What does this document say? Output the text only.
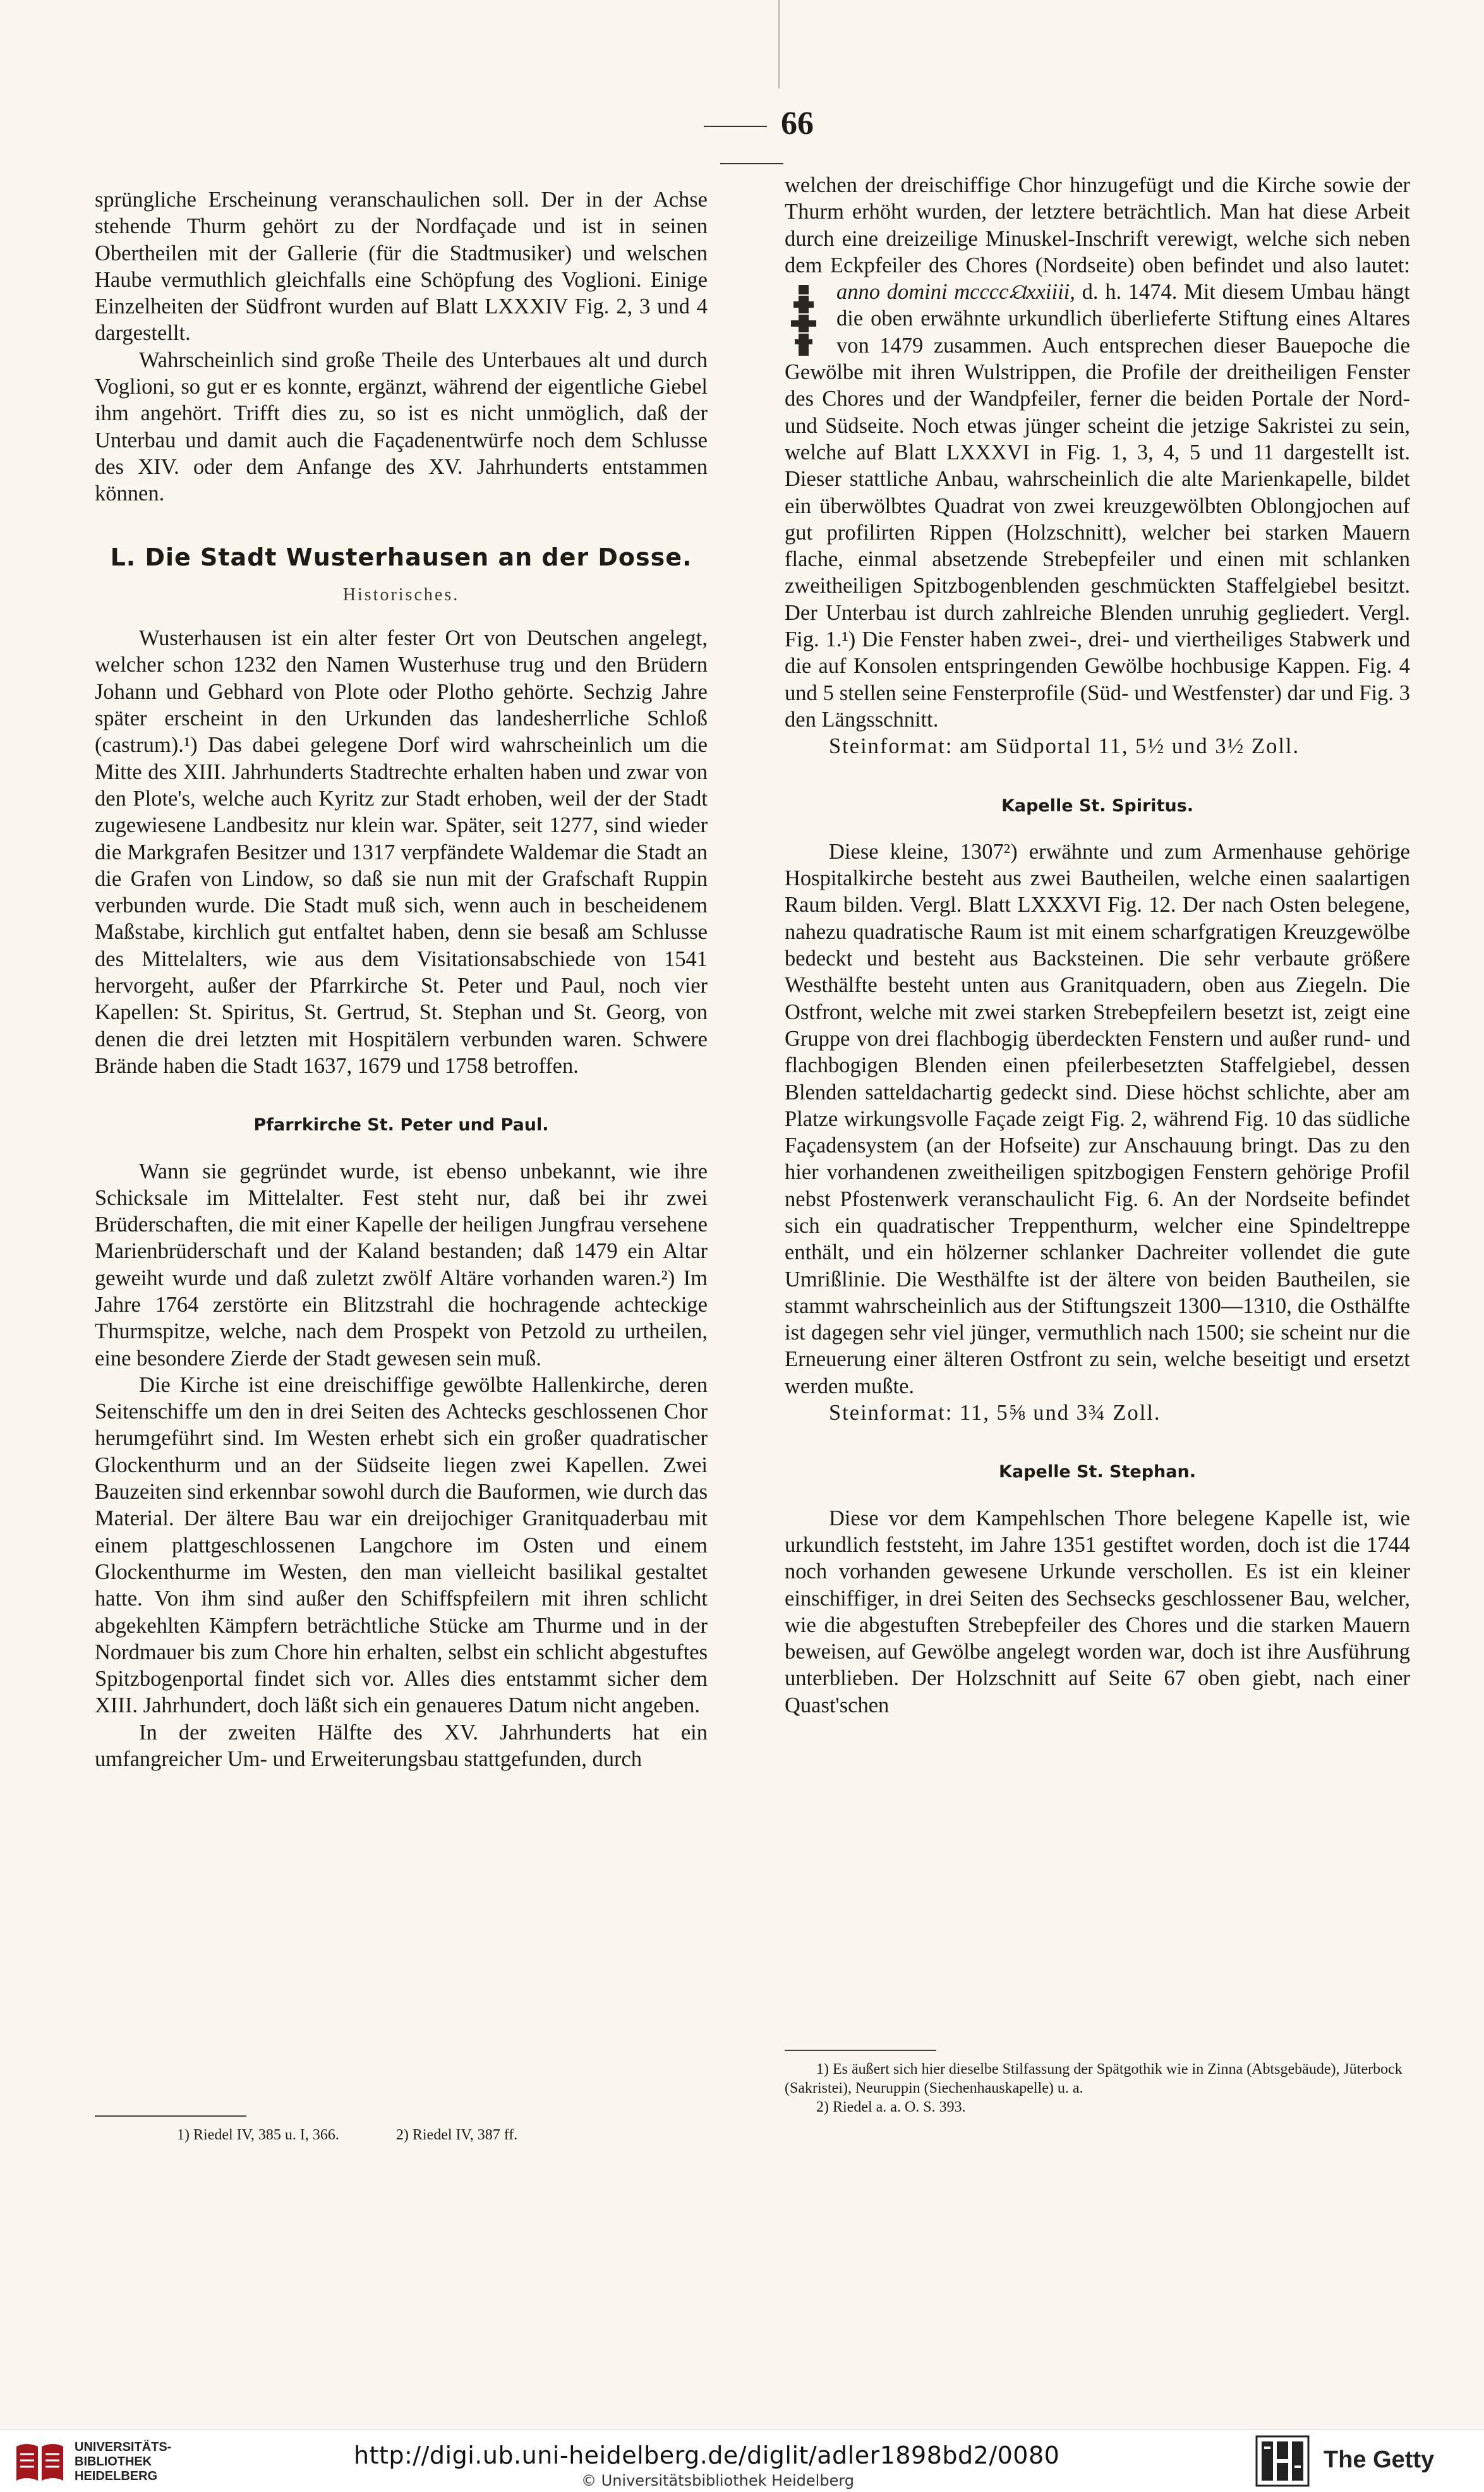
66

sprüngliche Erscheinung veranschaulichen soll. Der in der Achse stehende Thurm gehört zu der Nordfaçade und ist in seinen Obertheilen mit der Gallerie (für die Stadtmusiker) und welschen Haube vermuthlich gleichfalls eine Schöpfung des Voglioni. Einige Einzelheiten der Südfront wurden auf Blatt LXXXIV Fig. 2, 3 und 4 dargestellt.

Wahrscheinlich sind große Theile des Unterbaues alt und durch Voglioni, so gut er es konnte, ergänzt, während der eigentliche Giebel ihm angehört. Trifft dies zu, so ist es nicht unmöglich, daß der Unterbau und damit auch die Façadenentwürfe noch dem Schlusse des XIV. oder dem Anfange des XV. Jahrhunderts entstammen können.

L. Die Stadt Wusterhausen an der Dosse.
Historisches.

Wusterhausen ist ein alter fester Ort von Deutschen angelegt, welcher schon 1232 den Namen Wusterhuse trug und den Brüdern Johann und Gebhard von Plote oder Plotho gehörte. Sechzig Jahre später erscheint in den Urkunden das landesherrliche Schloß (castrum).¹) Das dabei gelegene Dorf wird wahrscheinlich um die Mitte des XIII. Jahrhunderts Stadtrechte erhalten haben und zwar von den Plote's, welche auch Kyritz zur Stadt erhoben, weil der der Stadt zugewiesene Landbesitz nur klein war. Später, seit 1277, sind wieder die Markgrafen Besitzer und 1317 verpfändete Waldemar die Stadt an die Grafen von Lindow, so daß sie nun mit der Grafschaft Ruppin verbunden wurde. Die Stadt muß sich, wenn auch in bescheidenem Maßstabe, kirchlich gut entfaltet haben, denn sie besaß am Schlusse des Mittelalters, wie aus dem Visitationsabschiede von 1541 hervorgeht, außer der Pfarrkirche St. Peter und Paul, noch vier Kapellen: St. Spiritus, St. Gertrud, St. Stephan und St. Georg, von denen die drei letzten mit Hospitälern verbunden waren. Schwere Brände haben die Stadt 1637, 1679 und 1758 betroffen.

Pfarrkirche St. Peter und Paul.

Wann sie gegründet wurde, ist ebenso unbekannt, wie ihre Schicksale im Mittelalter. Fest steht nur, daß bei ihr zwei Brüderschaften, die mit einer Kapelle der heiligen Jungfrau versehene Marienbrüderschaft und der Kaland bestanden; daß 1479 ein Altar geweiht wurde und daß zuletzt zwölf Altäre vorhanden waren.²) Im Jahre 1764 zerstörte ein Blitzstrahl die hochragende achteckige Thurmspitze, welche, nach dem Prospekt von Petzold zu urtheilen, eine besondere Zierde der Stadt gewesen sein muß.

Die Kirche ist eine dreischiffige gewölbte Hallenkirche, deren Seitenschiffe um den in drei Seiten des Achtecks geschlossenen Chor herumgeführt sind. Im Westen erhebt sich ein großer quadratischer Glockenthurm und an der Südseite liegen zwei Kapellen. Zwei Bauzeiten sind erkennbar sowohl durch die Bauformen, wie durch das Material. Der ältere Bau war ein dreijochiger Granitquaderbau mit einem plattgeschlossenen Langchore im Osten und einem Glockenthurme im Westen, den man vielleicht basilikal gestaltet hatte. Von ihm sind außer den Schiffspfeilern mit ihren schlicht abgekehlten Kämpfern beträchtliche Stücke am Thurme und in der Nordmauer bis zum Chore hin erhalten, selbst ein schlicht abgestuftes Spitzbogenportal findet sich vor. Alles dies entstammt sicher dem XIII. Jahrhundert, doch läßt sich ein genaueres Datum nicht angeben.

In der zweiten Hälfte des XV. Jahrhunderts hat ein umfangreicher Um- und Erweiterungsbau stattgefunden, durch

1) Riedel IV, 385 u. I, 366.	2) Riedel IV, 387 ff.

welchen der dreischiffige Chor hinzugefügt und die Kirche sowie der Thurm erhöht wurden, der letztere beträchtlich. Man hat diese Arbeit durch eine dreizeilige Minuskel-Inschrift verewigt, welche sich neben dem Eckpfeiler des Chores (Nordseite) oben befindet und also lautet: anno domini mccccଯxxiiii, d. h. 1474. Mit diesem Umbau hängt die oben erwähnte urkundlich überlieferte Stiftung eines Altares von 1479 zusammen. Auch entsprechen dieser Bauepoche die Gewölbe mit ihren Wulstrippen, die Profile der dreitheiligen Fenster des Chores und der Wandpfeiler, ferner die beiden Portale der Nord- und Südseite. Noch etwas jünger scheint die jetzige Sakristei zu sein, welche auf Blatt LXXXVI in Fig. 1, 3, 4, 5 und 11 dargestellt ist. Dieser stattliche Anbau, wahrscheinlich die alte Marienkapelle, bildet ein überwölbtes Quadrat von zwei kreuzgewölbten Oblongjochen auf gut profilirten Rippen (Holzschnitt), welcher bei starken Mauern flache, einmal absetzende Strebepfeiler und einen mit schlanken zweitheiligen Spitzbogenblenden geschmückten Staffelgiebel besitzt. Der Unterbau ist durch zahlreiche Blenden unruhig gegliedert. Vergl. Fig. 1.¹) Die Fenster haben zwei-, drei- und viertheiliges Stabwerk und die auf Konsolen entspringenden Gewölbe hochbusige Kappen. Fig. 4 und 5 stellen seine Fensterprofile (Süd- und Westfenster) dar und Fig. 3 den Längsschnitt.

Steinformat: am Südportal 11, 5½ und 3½ Zoll.

Kapelle St. Spiritus.

Diese kleine, 1307²) erwähnte und zum Armenhause gehörige Hospitalkirche besteht aus zwei Bautheilen, welche einen saalartigen Raum bilden. Vergl. Blatt LXXXVI Fig. 12. Der nach Osten belegene, nahezu quadratische Raum ist mit einem scharfgratigen Kreuzgewölbe bedeckt und besteht aus Backsteinen. Die sehr verbaute größere Westhälfte besteht unten aus Granitquadern, oben aus Ziegeln. Die Ostfront, welche mit zwei starken Strebepfeilern besetzt ist, zeigt eine Gruppe von drei flachbogig überdeckten Fenstern und außer rund- und flachbogigen Blenden einen pfeilerbesetzten Staffelgiebel, dessen Blenden satteldachartig gedeckt sind. Diese höchst schlichte, aber am Platze wirkungsvolle Façade zeigt Fig. 2, während Fig. 10 das südliche Façadensystem (an der Hofseite) zur Anschauung bringt. Das zu den hier vorhandenen zweitheiligen spitzbogigen Fenstern gehörige Profil nebst Pfostenwerk veranschaulicht Fig. 6. An der Nordseite befindet sich ein quadratischer Treppenthurm, welcher eine Spindeltreppe enthält, und ein hölzerner schlanker Dachreiter vollendet die gute Umrißlinie. Die Westhälfte ist der ältere von beiden Bautheilen, sie stammt wahrscheinlich aus der Stiftungszeit 1300—1310, die Osthälfte ist dagegen sehr viel jünger, vermuthlich nach 1500; sie scheint nur die Erneuerung einer älteren Ostfront zu sein, welche beseitigt und ersetzt werden mußte.

Steinformat: 11, 5⅝ und 3¾ Zoll.

Kapelle St. Stephan.

Diese vor dem Kampehlschen Thore belegene Kapelle ist, wie urkundlich feststeht, im Jahre 1351 gestiftet worden, doch ist die 1744 noch vorhanden gewesene Urkunde verschollen. Es ist ein kleiner einschiffiger, in drei Seiten des Sechsecks geschlossener Bau, welcher, wie die abgestuften Strebepfeiler des Chores und die starken Mauern beweisen, auf Gewölbe angelegt worden war, doch ist ihre Ausführung unterblieben. Der Holzschnitt auf Seite 67 oben giebt, nach einer Quast'schen

1) Es äußert sich hier dieselbe Stilfassung der Spätgothik wie in Zinna (Abtsgebäude), Jüterbock (Sakristei), Neuruppin (Siechenhauskapelle) u. a.

2) Riedel a. a. O. S. 393.

UNIVERSITÄTS-
BIBLIOTHEK
HEIDELBERG
http://digi.ub.uni-heidelberg.de/diglit/adler1898bd2/0080
© Universitätsbibliothek Heidelberg
The Getty
